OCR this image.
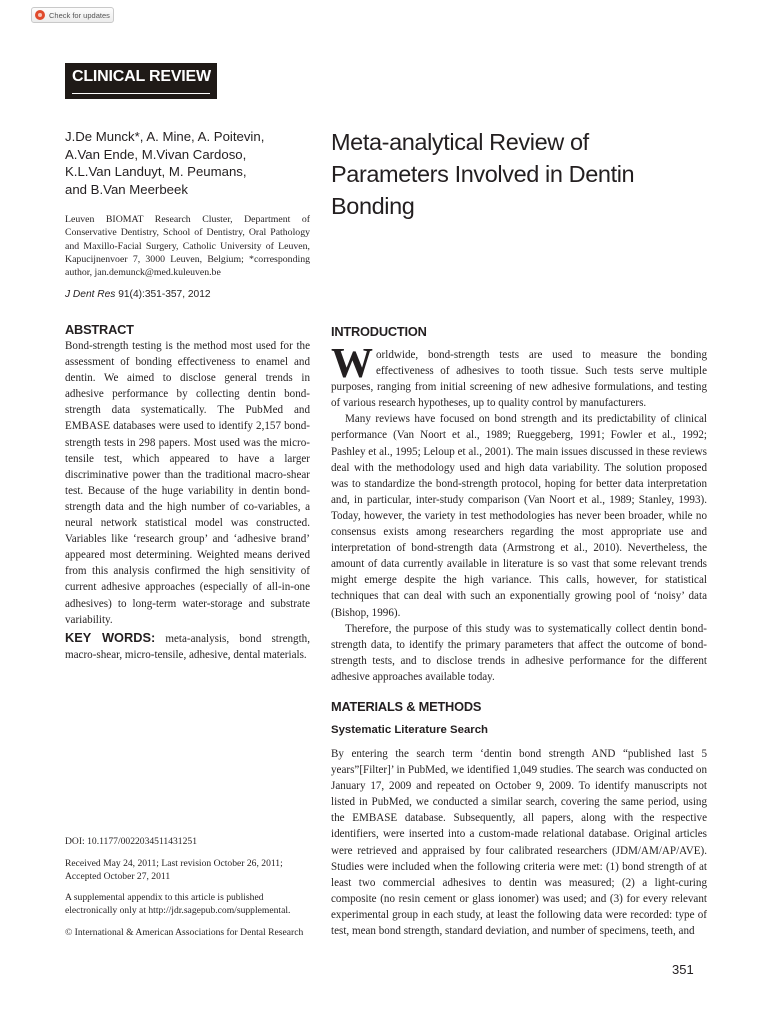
Check for updates
CLINICAL REVIEW
J.De Munck*, A. Mine, A. Poitevin,
A.Van Ende, M.Vivan Cardoso,
K.L.Van Landuyt, M. Peumans,
and B.Van Meerbeek
Leuven BIOMAT Research Cluster, Department of Conservative Dentistry, School of Dentistry, Oral Pathology and Maxillo-Facial Surgery, Catholic University of Leuven, Kapucijnenvoer 7, 3000 Leuven, Belgium; *corresponding author, jan.demunck@med.kuleuven.be
J Dent Res 91(4):351-357, 2012
Meta-analytical Review of Parameters Involved in Dentin Bonding
ABSTRACT
Bond-strength testing is the method most used for the assessment of bonding effectiveness to enamel and dentin. We aimed to disclose general trends in adhesive performance by collecting dentin bond-strength data systematically. The PubMed and EMBASE databases were used to identify 2,157 bond-strength tests in 298 papers. Most used was the micro-tensile test, which appeared to have a larger discriminative power than the traditional macro-shear test. Because of the huge variability in dentin bond-strength data and the high number of co-variables, a neural network statistical model was constructed. Variables like ‘research group’ and ‘adhesive brand’ appeared most determining. Weighted means derived from this analysis confirmed the high sensitivity of current adhesive approaches (especially of all-in-one adhesives) to long-term water-storage and substrate variability.
KEY WORDS: meta-analysis, bond strength, macro-shear, micro-tensile, adhesive, dental materials.

DOI: 10.1177/0022034511431251

Received May 24, 2011; Last revision October 26, 2011; Accepted October 27, 2011

A supplemental appendix to this article is published electronically only at http://jdr.sagepub.com/supplemental.

© International & American Associations for Dental Research

INTRODUCTION

Worldwide, bond-strength tests are used to measure the bonding effectiveness of adhesives to tooth tissue. Such tests serve multiple purposes, ranging from initial screening of new adhesive formulations, and testing of various research hypotheses, up to quality control by manufacturers.

Many reviews have focused on bond strength and its predictability of clinical performance (Van Noort et al., 1989; Rueggeberg, 1991; Fowler et al., 1992; Pashley et al., 1995; Leloup et al., 2001). The main issues discussed in these reviews deal with the methodology used and high data variability. The solution proposed was to standardize the bond-strength protocol, hoping for better data interpretation and, in particular, inter-study comparison (Van Noort et al., 1989; Stanley, 1993). Today, however, the variety in test methodologies has never been broader, while no consensus exists among researchers regarding the most appropriate use and interpretation of bond-strength data (Armstrong et al., 2010). Nevertheless, the amount of data currently available in literature is so vast that some relevant trends might emerge despite the high variance. This calls, however, for statistical techniques that can deal with such an exponentially growing pool of ‘noisy’ data (Bishop, 1996).

Therefore, the purpose of this study was to systematically collect dentin bond-strength data, to identify the primary parameters that affect the outcome of bond-strength tests, and to disclose trends in adhesive performance for the different adhesive approaches available today.

MATERIALS & METHODS
Systematic Literature Search
By entering the search term ‘dentin bond strength AND “published last 5 years”[Filter]’ in PubMed, we identified 1,049 studies. The search was conducted on January 17, 2009 and repeated on October 9, 2009. To identify manuscripts not listed in PubMed, we conducted a similar search, covering the same period, using the EMBASE database. Subsequently, all papers, along with the respective identifiers, were inserted into a custom-made relational database. Original articles were retrieved and appraised by four calibrated researchers (JDM/AM/AP/AVE). Studies were included when the following criteria were met: (1) bond strength of at least two commercial adhesives to dentin was measured; (2) a light-curing composite (no resin cement or glass ionomer) was used; and (3) for every relevant experimental group in each study, at least the following data were recorded: type of test, mean bond strength, standard deviation, and number of specimens, teeth, and
351
